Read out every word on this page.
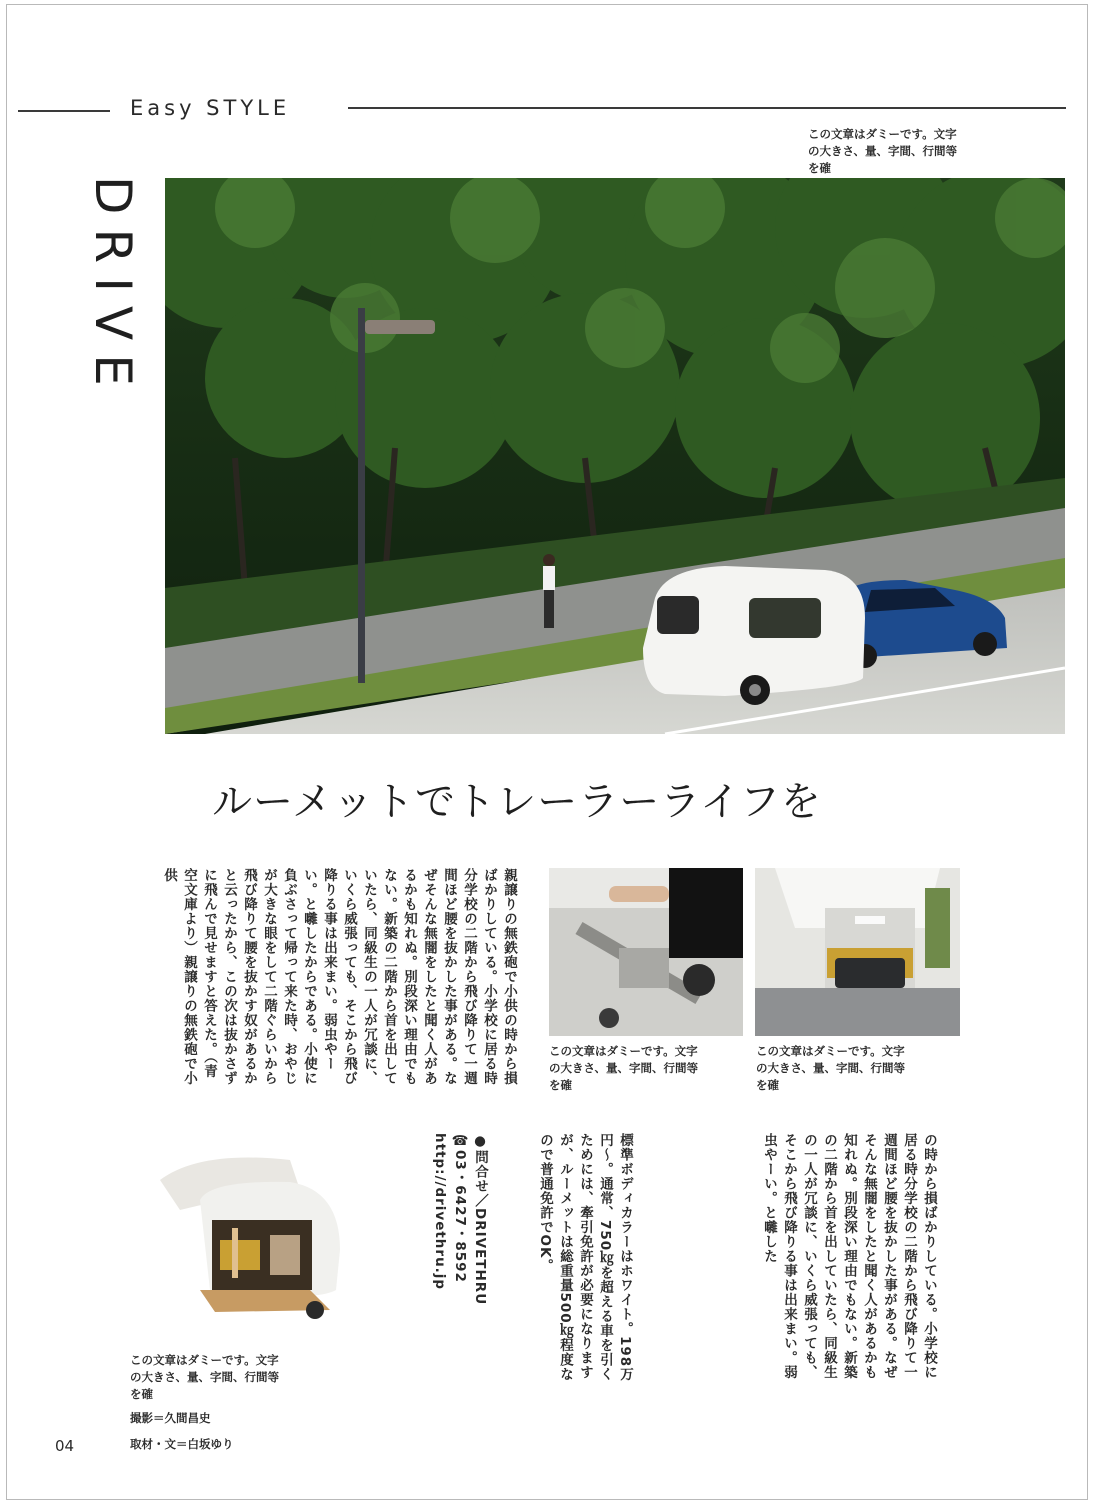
Easy STYLE
この文章はダミーです。文字の大きさ、量、字間、行間等を確
DRIVE
ルーメットでトレーラーライフを
親譲りの無鉄砲で小供の時から損ばかりしている。小学校に居る時分学校の二階から飛び降りて一週間ほど腰を抜かした事がある。なぜそんな無闇をしたと聞く人があるかも知れぬ。別段深い理由でもない。新築の二階から首を出していたら、同級生の一人が冗談に、いくら威張っても、そこから飛び降りる事は出来まい。弱虫やーい。と囃したからである。小使に負ぶさって帰って来た時、おやじが大きな眼をして二階ぐらいから飛び降りて腰を抜かす奴があるかと云ったから、この次は抜かさずに飛んで見せますと答えた。（青空文庫より）親譲りの無鉄砲で小供
この文章はダミーです。文字の大きさ、量、字間、行間等を確
この文章はダミーです。文字の大きさ、量、字間、行間等を確
の時から損ばかりしている。小学校に居る時分学校の二階から飛び降りて一週間ほど腰を抜かした事がある。なぜそんな無闇をしたと聞く人があるかも知れぬ。別段深い理由でもない。新築の二階から首を出していたら、同級生の一人が冗談に、いくら威張っても、そこから飛び降りる事は出来まい。弱虫やーい。と囃した
標準ボディカラーはホワイト。198万円〜。通常、750㎏を超える車を引くためには、牽引免許が必要になりますが、ルーメットは総重量500㎏程度なので普通免許でOK。
●問合せ／DRIVETHRU
☎03・6427・8592
http://drivethru.jp
この文章はダミーです。文字の大きさ、量、字間、行間等を確
撮影＝久間昌史
取材・文＝白坂ゆり
04
